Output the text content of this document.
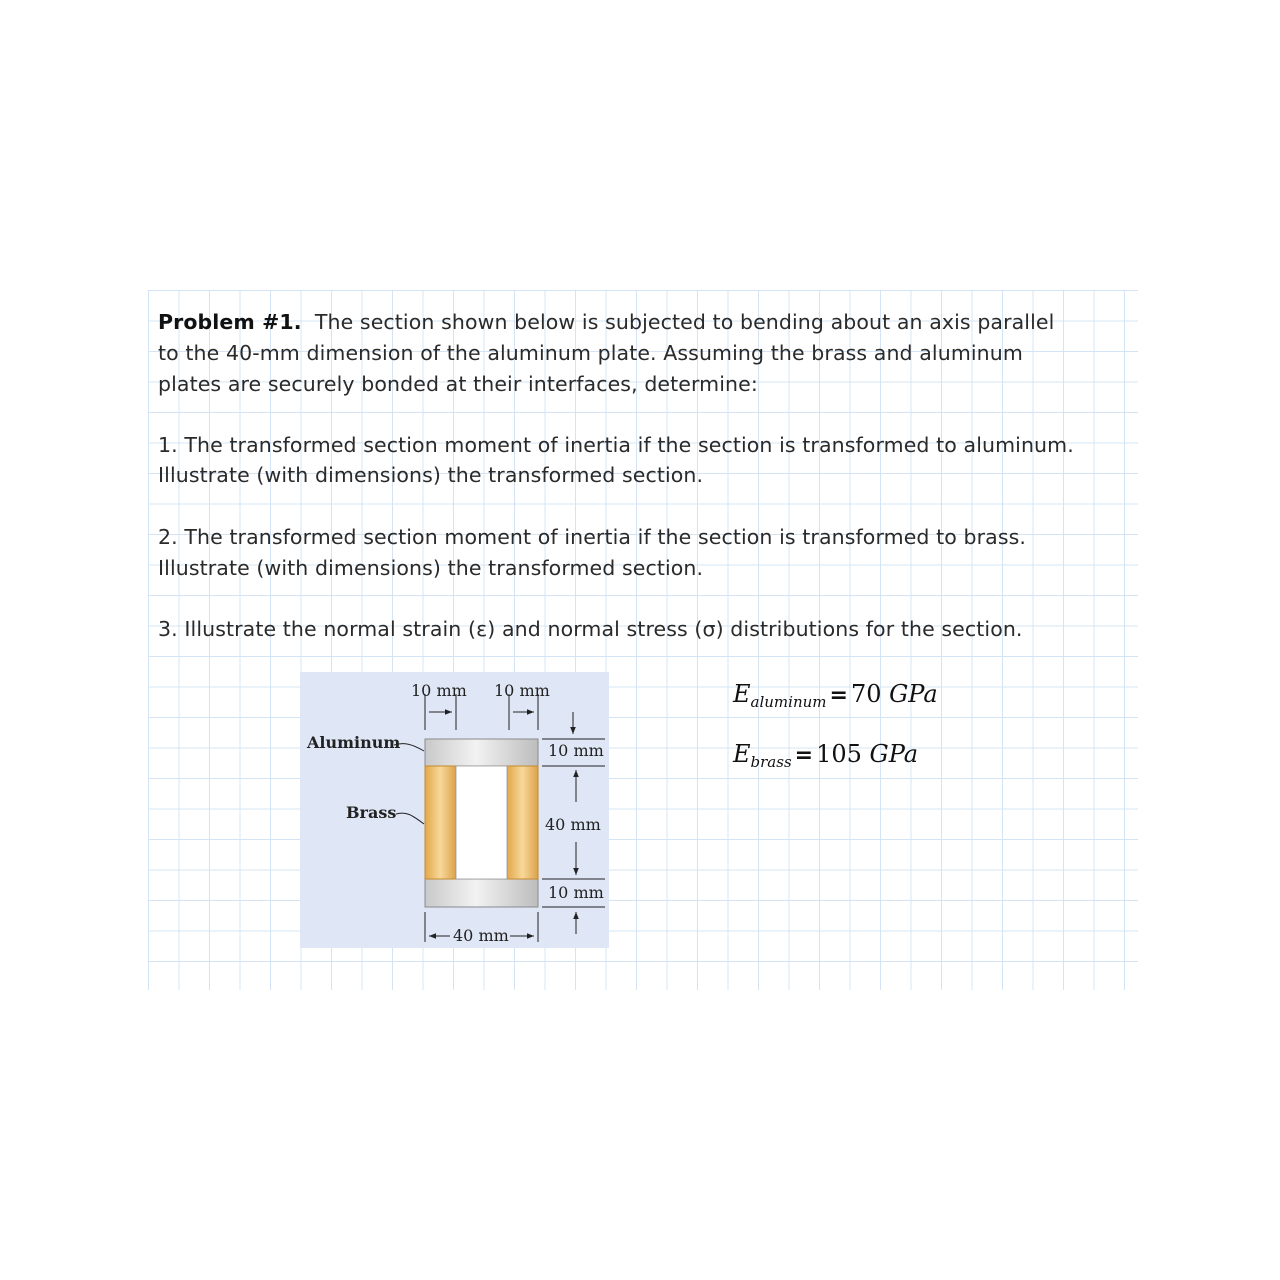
Problem #1. The section shown below is subjected to bending about an axis parallel
to the 40-mm dimension of the aluminum plate. Assuming the brass and aluminum
plates are securely bonded at their interfaces, determine:
1. The transformed section moment of inertia if the section is transformed to aluminum.
Illustrate (with dimensions) the transformed section.
2. The transformed section moment of inertia if the section is transformed to brass.
Illustrate (with dimensions) the transformed section.
3. Illustrate the normal strain (ε) and normal stress (σ) distributions for the section.
10 mm 10 mm
10 mm
40 mm
10 mm
40 mm
Aluminum
Brass
$E_{aluminum} = 70$ GPa
$E_{brass} = 105$ GPa
